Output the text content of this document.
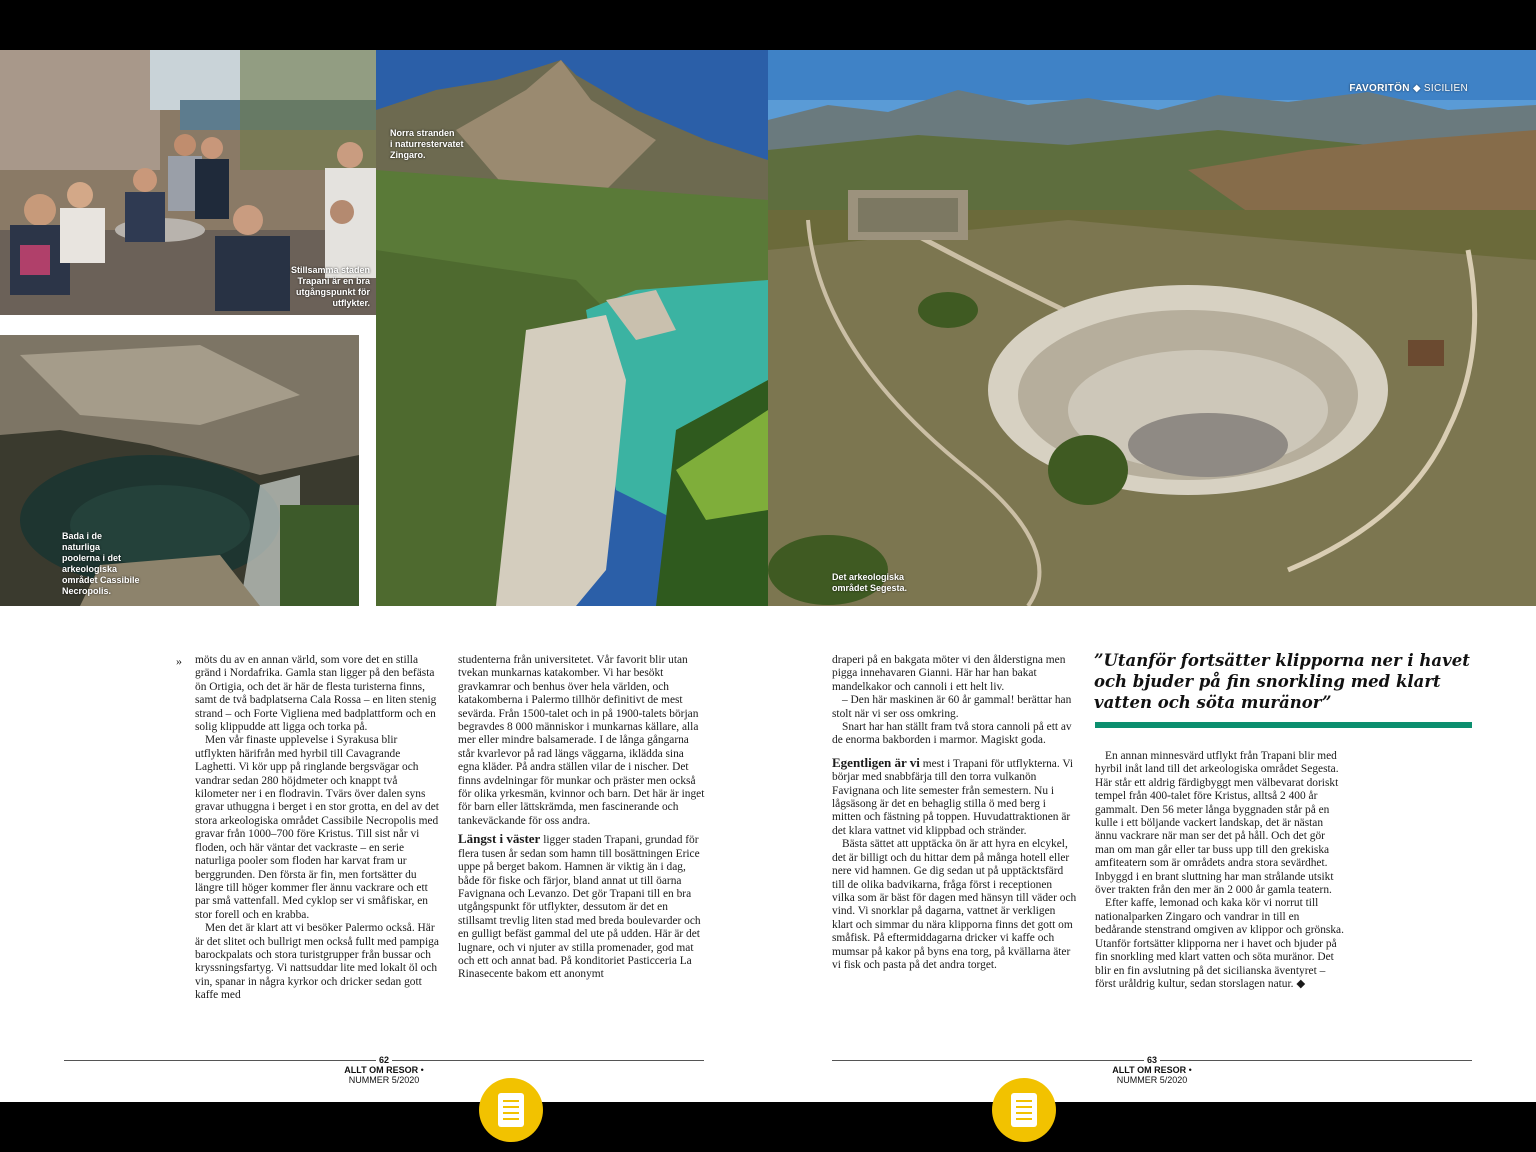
Stillsamma staden
Trapani är en bra
utgångspunkt för
utflykter.
Bada i de
naturliga
poolerna i det
arkeologiska
området Cassibile
Necropolis.
Norra stranden
i naturrestervatet
Zingaro.
Det arkeologiska
området Segesta.
FAVORITÖN ◆ SICILIEN
» möts du av en annan värld, som vore det en stilla gränd i Nordafrika. Gamla stan ligger på den befästa ön Ortigia, och det är här de flesta turisterna finns, samt de två badplatserna Cala Rossa – en liten stenig strand – och Forte Vigliena med badplattform och en solig klippudde att ligga och torka på.

Men vår finaste upplevelse i Syrakusa blir utflykten härifrån med hyrbil till Cavagrande Laghetti. Vi kör upp på ringlande bergsvägar och vandrar sedan 280 höjdmeter och knappt två kilometer ner i en flodravin. Tvärs över dalen syns gravar uthuggna i berget i en stor grotta, en del av det stora arkeologiska området Cassibile Necropolis med gravar från 1000–700 före Kristus. Till sist når vi floden, och här väntar det vackraste – en serie naturliga pooler som floden har karvat fram ur berggrunden. Den första är fin, men fortsätter du längre till höger kommer fler ännu vackrare och ett par små vattenfall. Med cyklop ser vi småfiskar, en stor forell och en krabba.

Men det är klart att vi besöker Palermo också. Här är det slitet och bullrigt men också fullt med pampiga barockpalats och stora turistgrupper från bussar och kryssningsfartyg. Vi nattsuddar lite med lokalt öl och vin, spanar in några kyrkor och dricker sedan gott kaffe med

studenterna från universitetet. Vår favorit blir utan tvekan munkarnas katakomber. Vi har besökt gravkamrar och benhus över hela världen, och katakomberna i Palermo tillhör definitivt de mest sevärda. Från 1500-talet och in på 1900-talets början begravdes 8 000 människor i munkarnas källare, alla mer eller mindre balsamerade. I de långa gångarna står kvarlevor på rad längs väggarna, iklädda sina egna kläder. På andra ställen vilar de i nischer. Det finns avdelningar för munkar och präster men också för olika yrkesmän, kvinnor och barn. Det här är inget för barn eller lättskrämda, men fascinerande och tankeväckande för oss andra.

Längst i väster ligger staden Trapani, grundad för flera tusen år sedan som hamn till bosättningen Erice uppe på berget bakom. Hamnen är viktig än i dag, både för fiske och färjor, bland annat ut till öarna Favignana och Levanzo. Det gör Trapani till en bra utgångspunkt för utflykter, dessutom är det en stillsamt trevlig liten stad med breda boulevarder och en gulligt befäst gammal del ute på udden. Här är det lugnare, och vi njuter av stilla promenader, god mat och ett och annat bad. På konditoriet Pasticceria La Rinasecente bakom ett anonymt

draperi på en bakgata möter vi den ålderstigna men pigga innehavaren Gianni. Här har han bakat mandelkakor och cannoli i ett helt liv.

– Den här maskinen är 60 år gammal! berättar han stolt när vi ser oss omkring.

Snart har han ställt fram två stora cannoli på ett av de enorma bakborden i marmor. Magiskt goda.

Egentligen är vi mest i Trapani för utflykterna. Vi börjar med snabbfärja till den torra vulkanön Favignana och lite semester från semestern. Nu i lågsäsong är det en behaglig stilla ö med berg i mitten och fästning på toppen. Huvudattraktionen är det klara vattnet vid klippbad och stränder.

Bästa sättet att upptäcka ön är att hyra en elcykel, det är billigt och du hittar dem på många hotell eller nere vid hamnen. Ge dig sedan ut på upptäcktsfärd till de olika badvikarna, fråga först i receptionen vilka som är bäst för dagen med hänsyn till väder och vind. Vi snorklar på dagarna, vattnet är verkligen klart och simmar du nära klipporna finns det gott om småfisk. På eftermiddagarna dricker vi kaffe och mumsar på kakor på byns ena torg, på kvällarna äter vi fisk och pasta på det andra torget.

”Utanför fortsätter klipporna ner i havet och bjuder på fin snorkling med klart vatten och söta muränor”

En annan minnesvärd utflykt från Trapani blir med hyrbil inåt land till det arkeologiska området Segesta. Här står ett aldrig färdigbyggt men välbevarat doriskt tempel från 400-talet före Kristus, alltså 2 400 år gammalt. Den 56 meter långa byggnaden står på en kulle i ett böljande vackert landskap, det är nästan ännu vackrare när man ser det på håll. Och det gör man om man går eller tar buss upp till den grekiska amfiteatern som är områdets andra stora sevärdhet. Inbyggd i en brant sluttning har man strålande utsikt över trakten från den mer än 2 000 år gamla teatern.

Efter kaffe, lemonad och kaka kör vi norrut till nationalparken Zingaro och vandrar in till en bedårande stenstrand omgiven av klippor och grönska. Utanför fortsätter klipporna ner i havet och bjuder på fin snorkling med klart vatten och söta muränor. Det blir en fin avslutning på det sicilianska äventyret – först uråldrig kultur, sedan storslagen natur. ◆

62
ALLT OM RESOR • NUMMER 5/2020
63
ALLT OM RESOR • NUMMER 5/2020
